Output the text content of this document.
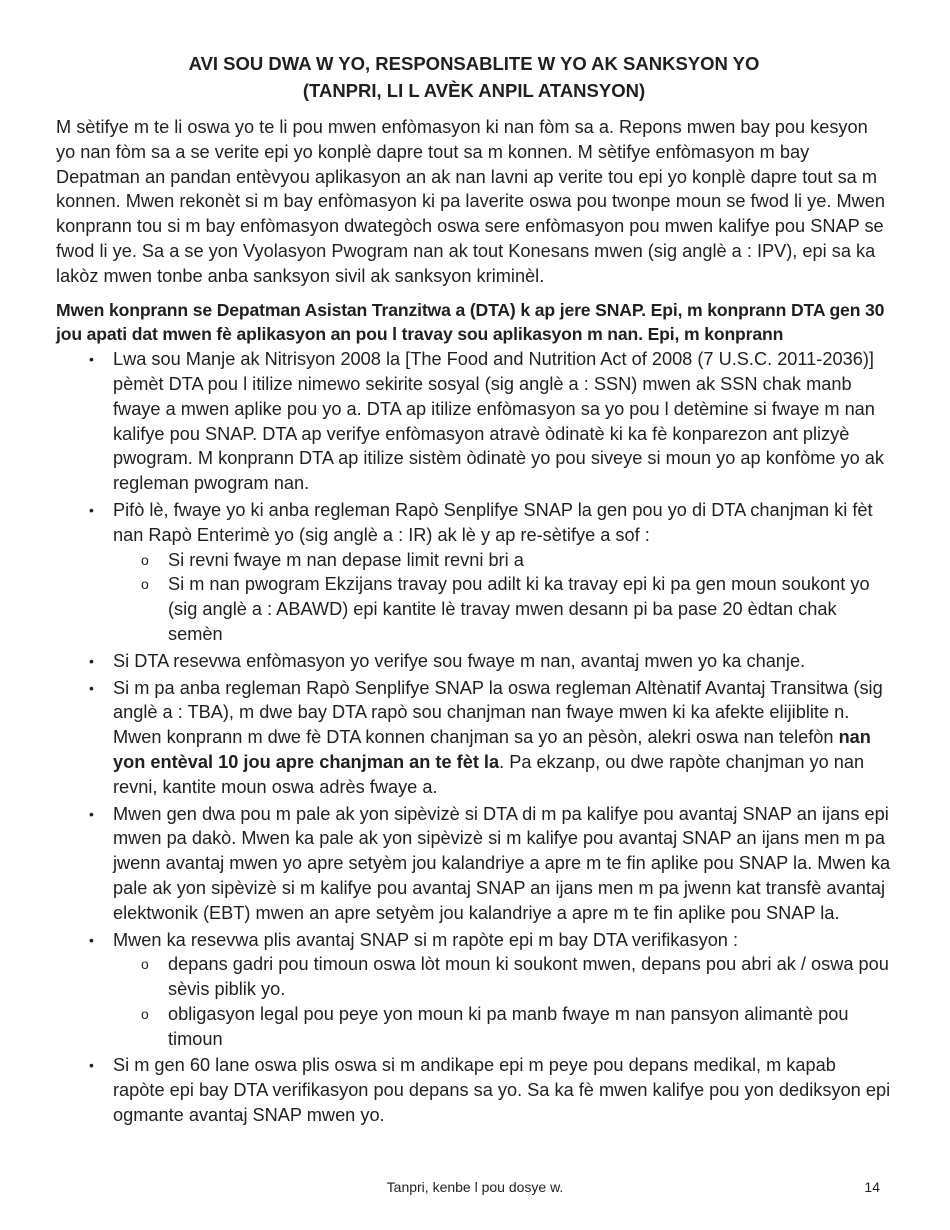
AVI SOU DWA W YO, RESPONSABLITE W YO AK SANKSYON YO
(TANPRI, LI L AVÈK ANPIL ATANSYON)

M sètifye m te li oswa yo te li pou mwen enfòmasyon ki nan fòm sa a. Repons mwen bay pou kesyon yo nan fòm sa a se verite epi yo konplè dapre tout sa m konnen. M sètifye enfòmasyon m bay Depatman an pandan entèvyou aplikasyon an ak nan lavni ap verite tou epi yo konplè dapre tout sa m konnen. Mwen rekonèt si m bay enfòmasyon ki pa laverite oswa pou twonpe moun se fwod li ye. Mwen konprann tou si m bay enfòmasyon dwategòch oswa sere enfòmasyon pou mwen kalifye pou SNAP se fwod li ye. Sa a se yon Vyolasyon Pwogram nan ak tout Konesans mwen (sig anglè a : IPV), epi sa ka lakòz mwen tonbe anba sanksyon sivil ak sanksyon kriminèl.

Mwen konprann se Depatman Asistan Tranzitwa a (DTA) k ap jere SNAP. Epi, m konprann DTA gen 30 jou apati dat mwen fè aplikasyon an pou l travay sou aplikasyon m nan. Epi, m konprann

• Lwa sou Manje ak Nitrisyon 2008 la [The Food and Nutrition Act of 2008 (7 U.S.C. 2011-2036)] pèmèt DTA pou l itilize nimewo sekirite sosyal (sig anglè a : SSN) mwen ak SSN chak manb fwaye a mwen aplike pou yo a. DTA ap itilize enfòmasyon sa yo pou l detèmine si fwaye m nan kalifye pou SNAP. DTA ap verifye enfòmasyon atravè òdinatè ki ka fè konparezon ant plizyè pwogram. M konprann DTA ap itilize sistèm òdinatè yo pou siveye si moun yo ap konfòme yo ak regleman pwogram nan.
• Pifò lè, fwaye yo ki anba regleman Rapò Senplifye SNAP la gen pou yo di DTA chanjman ki fèt nan Rapò Enterimè yo (sig anglè a : IR) ak lè y ap re-sètifye a sof :
o Si revni fwaye m nan depase limit revni bri a
o Si m nan pwogram Ekzijans travay pou adilt ki ka travay epi ki pa gen moun soukont yo (sig anglè a : ABAWD) epi kantite lè travay mwen desann pi ba pase 20 èdtan chak semèn
• Si DTA resevwa enfòmasyon yo verifye sou fwaye m nan, avantaj mwen yo ka chanje.
• Si m pa anba regleman Rapò Senplifye SNAP la oswa regleman Altènatif Avantaj Transitwa (sig anglè a : TBA), m dwe bay DTA rapò sou chanjman nan fwaye mwen ki ka afekte elijiblite n. Mwen konprann m dwe fè DTA konnen chanjman sa yo an pèsòn, alekri oswa nan telefòn nan yon entèval 10 jou apre chanjman an te fèt la. Pa ekzanp, ou dwe rapòte chanjman yo nan revni, kantite moun oswa adrès fwaye a.
• Mwen gen dwa pou m pale ak yon sipèvizè si DTA di m pa kalifye pou avantaj SNAP an ijans epi mwen pa dakò. Mwen ka pale ak yon sipèvizè si m kalifye pou avantaj SNAP an ijans men m pa jwenn avantaj mwen yo apre setyèm jou kalandriye a apre m te fin aplike pou SNAP la. Mwen ka pale ak yon sipèvizè si m kalifye pou avantaj SNAP an ijans men m pa jwenn kat transfè avantaj elektwonik (EBT) mwen an apre setyèm jou kalandriye a apre m te fin aplike pou SNAP la.
• Mwen ka resevwa plis avantaj SNAP si m rapòte epi m bay DTA verifikasyon :
o depans gadri pou timoun oswa lòt moun ki soukont mwen, depans pou abri ak / oswa pou sèvis piblik yo.
o obligasyon legal pou peye yon moun ki pa manb fwaye m nan pansyon alimantè pou timoun
• Si m gen 60 lane oswa plis oswa si m andikape epi m peye pou depans medikal, m kapab rapòte epi bay DTA verifikasyon pou depans sa yo. Sa ka fè mwen kalifye pou yon dediksyon epi ogmante avantaj SNAP mwen yo.
Tanpri, kenbe l pou dosye w.	14
